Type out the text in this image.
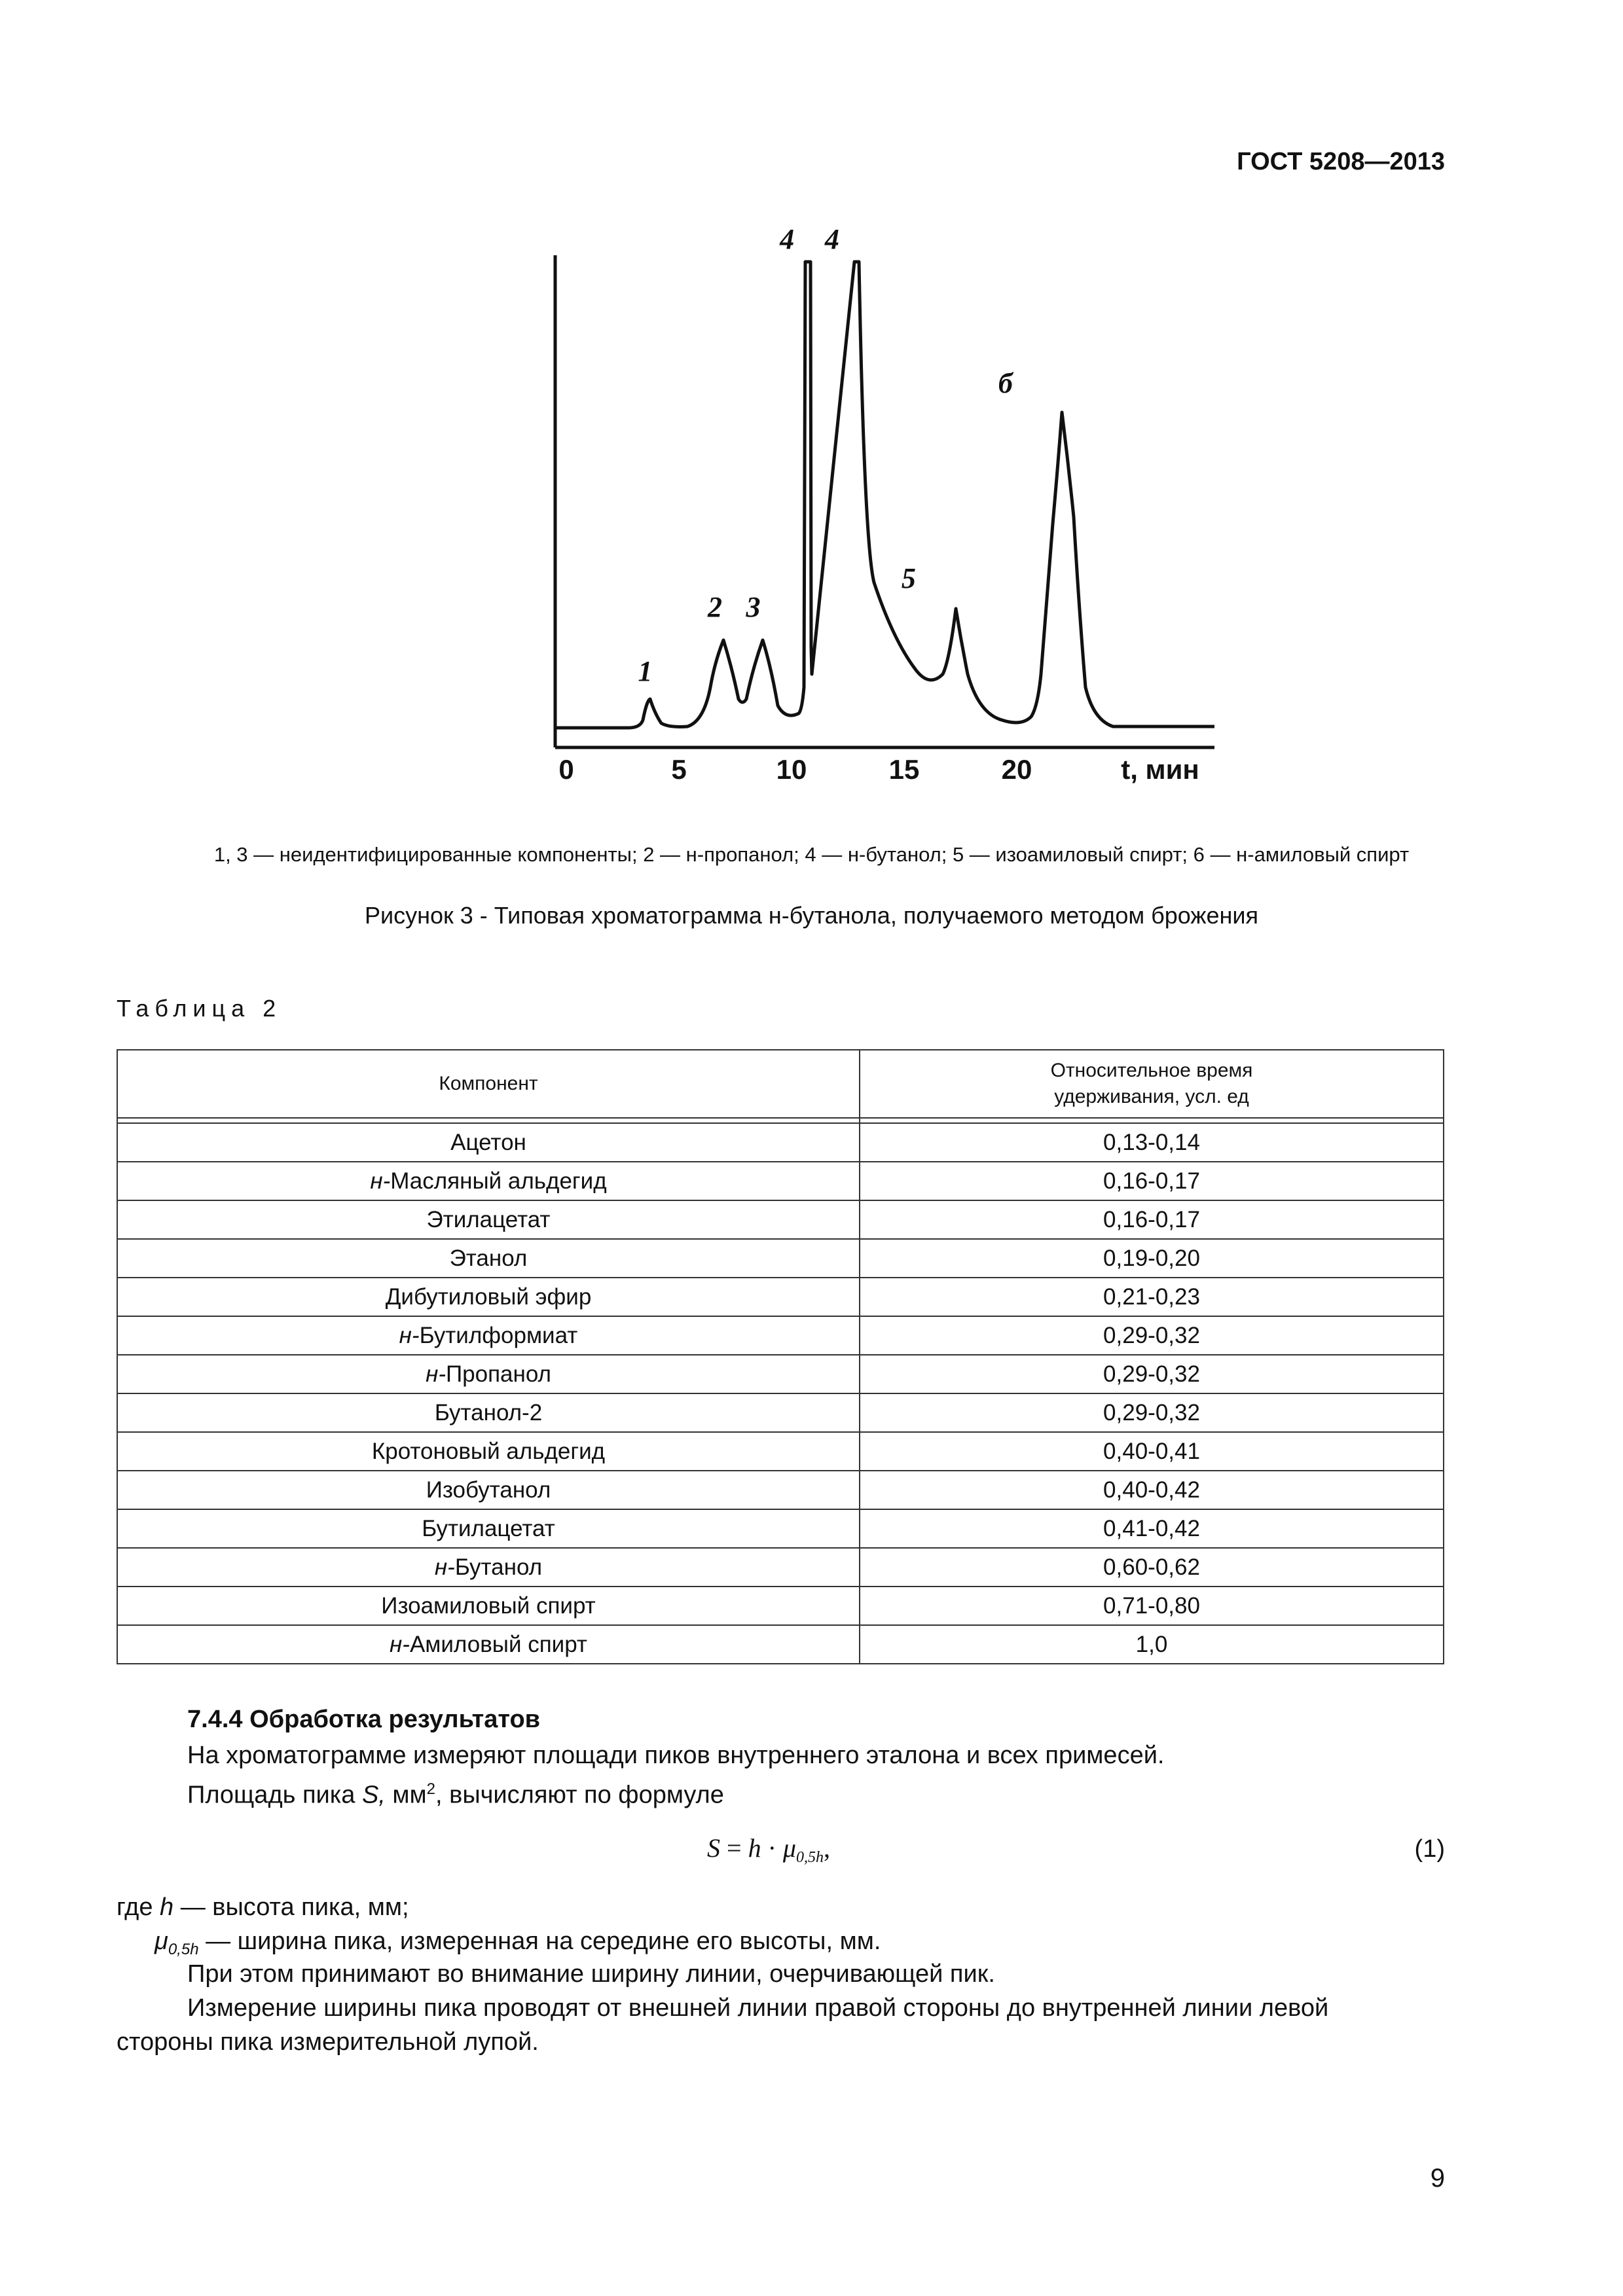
ГОСТ 5208—2013
1
2 3
4 4
5
б
0	5	10	15	20	t, мин
1, 3 — неидентифицированные компоненты; 2 — н-пропанол; 4 — н-бутанол; 5 — изоамиловый спирт; 6 — н-амиловый спирт
Рисунок 3 - Типовая хроматограмма н-бутанола, получаемого методом брожения
Таблица 2
Компонент	Относительное время
удерживания, усл. ед

Ацетон	0,13-0,14
н-Масляный альдегид	0,16-0,17
Этилацетат	0,16-0,17
Этанол	0,19-0,20
Дибутиловый эфир	0,21-0,23
н-Бутилформиат	0,29-0,32
н-Пропанол	0,29-0,32
Бутанол-2	0,29-0,32
Кротоновый альдегид	0,40-0,41
Изобутанол	0,40-0,42
Бутилацетат	0,41-0,42
н-Бутанол	0,60-0,62
Изоамиловый спирт	0,71-0,80
н-Амиловый спирт	1,0
7.4.4 Обработка результатов
На хроматограмме измеряют площади пиков внутреннего эталона и всех примесей.
Площадь пика S, $мм^2$, вычисляют по формуле
$S = h \cdot \mu_{0,5h}$,	(1)
где h — высота пика, мм;
$\mu_{0,5h}$ — ширина пика, измеренная на середине его высоты, мм.
При этом принимают во внимание ширину линии, очерчивающей пик.
Измерение ширины пика проводят от внешней линии правой стороны до внутренней линии левой
стороны пика измерительной лупой.
9
